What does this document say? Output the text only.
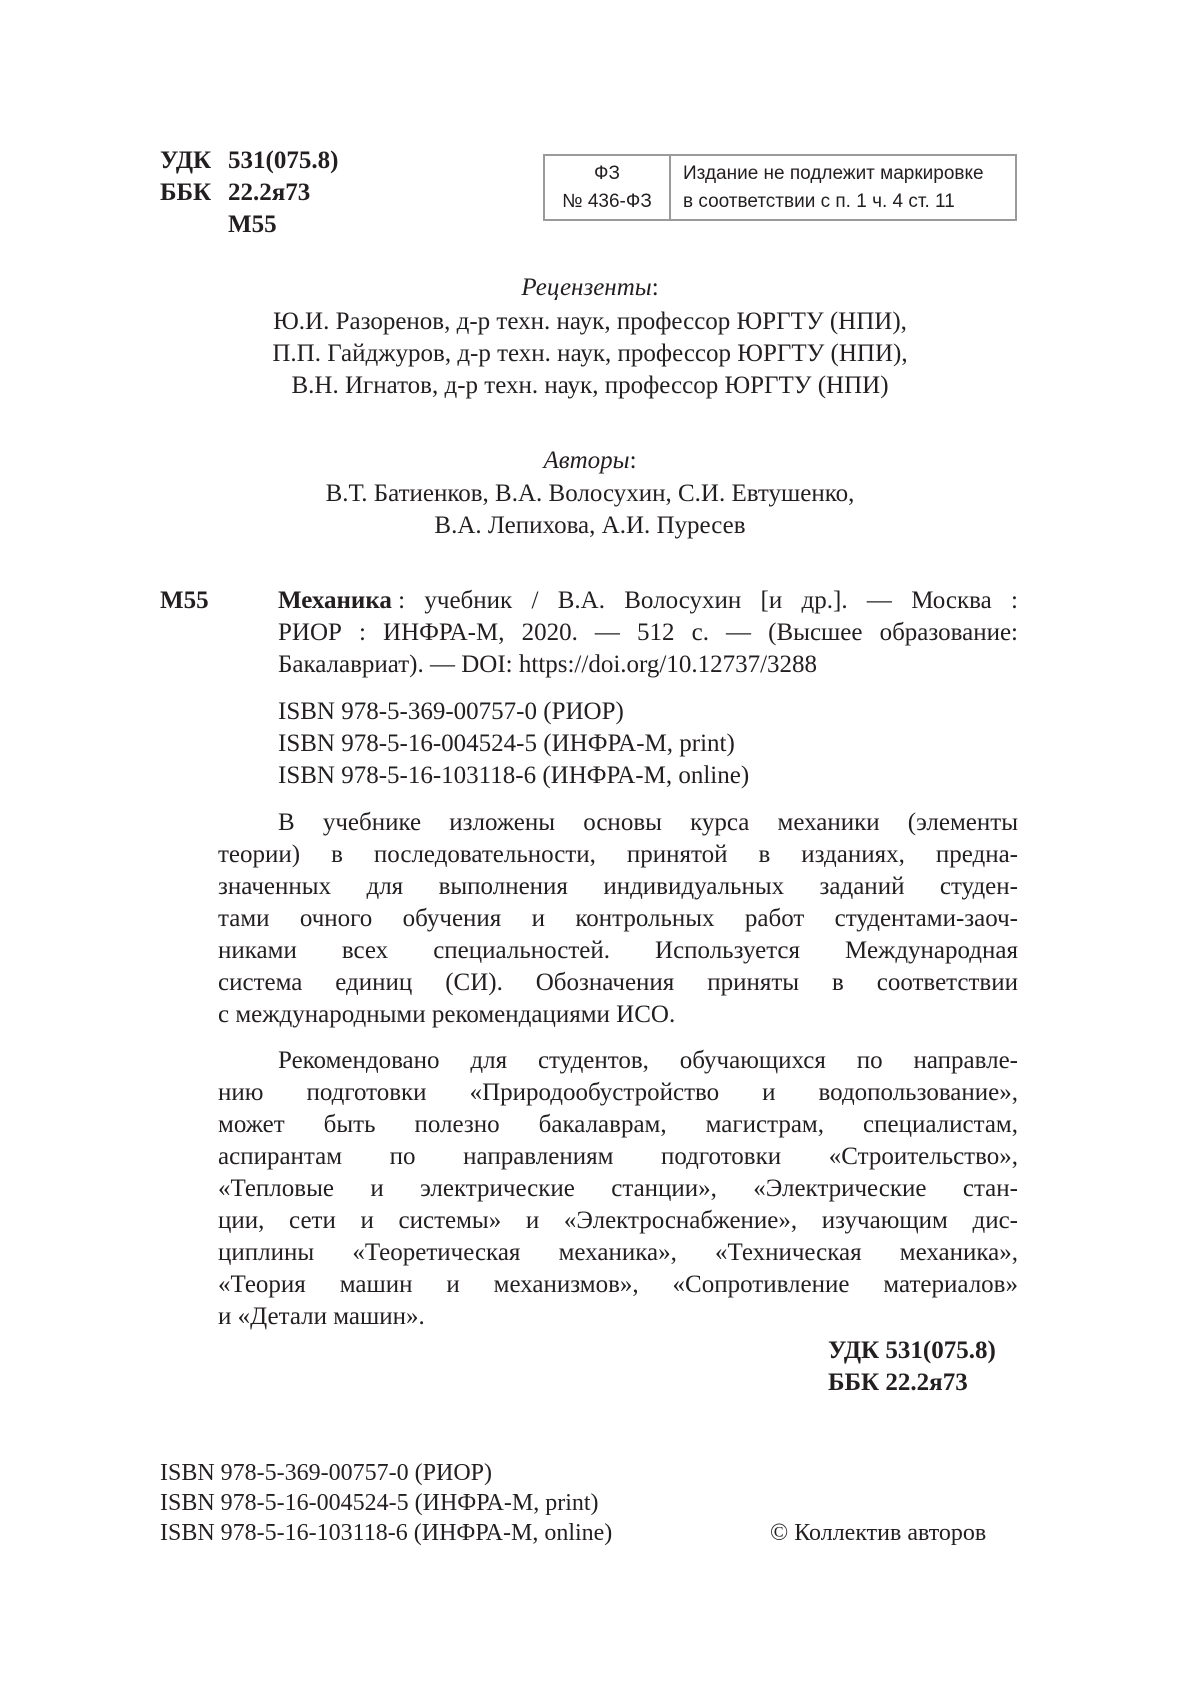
УДК 531(075.8)
ББК 22.2я73
М55
ФЗ
№ 436-ФЗ
Издание не подлежит маркировке
в соответствии с п. 1 ч. 4 ст. 11
Рецензенты:
Ю.И. Разоренов, д-р техн. наук, профессор ЮРГТУ (НПИ),
П.П. Гайджуров, д-р техн. наук, профессор ЮРГТУ (НПИ),
В.Н. Игнатов, д-р техн. наук, профессор ЮРГТУ (НПИ)
Авторы:
В.Т. Батиенков, В.А. Волосухин, С.И. Евтушенко,
В.А. Лепихова, А.И. Пуресев
М55	Механика
: учебник / В.А. Волосухин [и др.]. — Москва :
РИОР : ИНФРА-М, 2020. — 512 с. — (Высшее образование:
Бакалавриат). — DOI: https://doi.org/10.12737/3288
ISBN 978-5-369-00757-0 (РИОР)
ISBN 978-5-16-004524-5 (ИНФРА-М, print)
ISBN 978-5-16-103118-6 (ИНФРА-М, online)
В учебнике изложены основы курса механики (элементы
теории) в последовательности, принятой в изданиях, предна-
значенных для выполнения индивидуальных заданий студен-
тами очного обучения и контрольных работ студентами-заоч-
никами всех специальностей. Используется Международная
система единиц (СИ). Обозначения приняты в соответствии
с международными рекомендациями ИСО.
Рекомендовано для студентов, обучающихся по направле-
нию подготовки «Природообустройство и водопользование»,
может быть полезно бакалаврам, магистрам, специалистам,
аспирантам по направлениям подготовки «Строительство»,
«Тепловые и электрические станции», «Электрические стан-
ции, сети и системы» и «Электроснабжение», изучающим дис-
циплины «Теоретическая механика», «Техническая механика»,
«Теория машин и механизмов», «Сопротивление материалов»
и «Детали машин».
УДК 531(075.8)
ББК 22.2я73
ISBN 978-5-369-00757-0 (РИОР)
ISBN 978-5-16-004524-5 (ИНФРА-М, print)
ISBN 978-5-16-103118-6 (ИНФРА-М, online)	© Коллектив авторов
